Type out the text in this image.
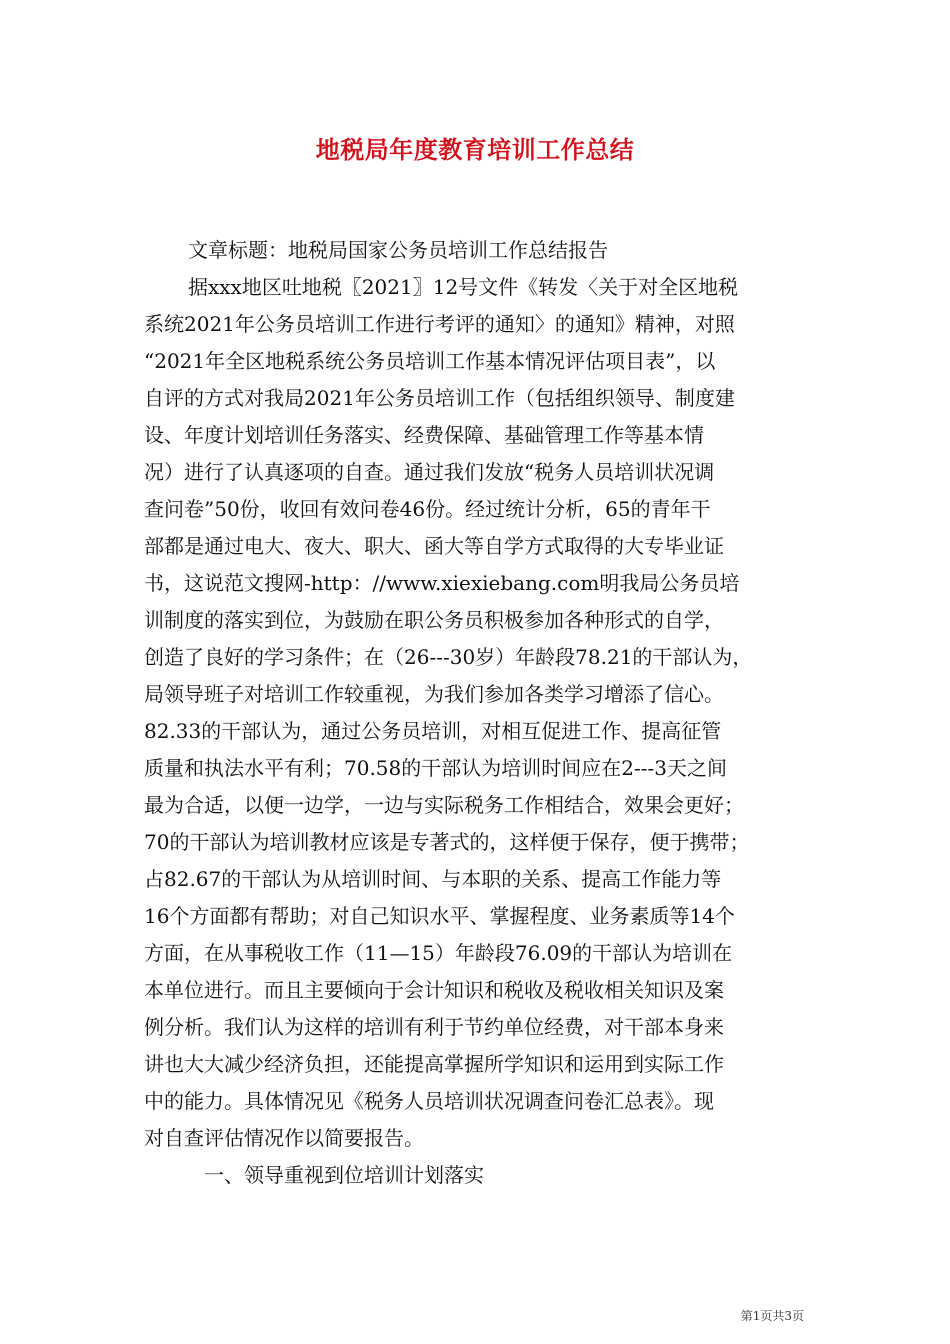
地税局年度教育培训工作总结
文章标题：地税局国家公务员培训工作总结报告
据xxx地区吐地税〖2021〗12号文件《转发〈关于对全区地税
系统2021年公务员培训工作进行考评的通知〉的通知》精神，对照
“2021年全区地税系统公务员培训工作基本情况评估项目表”，以
自评的方式对我局2021年公务员培训工作（包括组织领导、制度建
设、年度计划培训任务落实、经费保障、基础管理工作等基本情
况）进行了认真逐项的自查。通过我们发放“税务人员培训状况调
查问卷”50份，收回有效问卷46份。经过统计分析，65的青年干
部都是通过电大、夜大、职大、函大等自学方式取得的大专毕业证
书，这说范文搜网-http：//www.xiexiebang.com明我局公务员培
训制度的落实到位，为鼓励在职公务员积极参加各种形式的自学，
创造了良好的学习条件；在（26---30岁）年龄段78.21的干部认为，
局领导班子对培训工作较重视，为我们参加各类学习增添了信心。
82.33的干部认为，通过公务员培训，对相互促进工作、提高征管
质量和执法水平有利；70.58的干部认为培训时间应在2---3天之间
最为合适，以便一边学，一边与实际税务工作相结合，效果会更好；
70的干部认为培训教材应该是专著式的，这样便于保存，便于携带；
占82.67的干部认为从培训时间、与本职的关系、提高工作能力等
16个方面都有帮助；对自己知识水平、掌握程度、业务素质等14个
方面，在从事税收工作（11—15）年龄段76.09的干部认为培训在
本单位进行。而且主要倾向于会计知识和税收及税收相关知识及案
例分析。我们认为这样的培训有利于节约单位经费，对干部本身来
讲也大大减少经济负担，还能提高掌握所学知识和运用到实际工作
中的能力。具体情况见《税务人员培训状况调查问卷汇总表》。现
对自查评估情况作以简要报告。
一、领导重视到位培训计划落实
第1页共3页
